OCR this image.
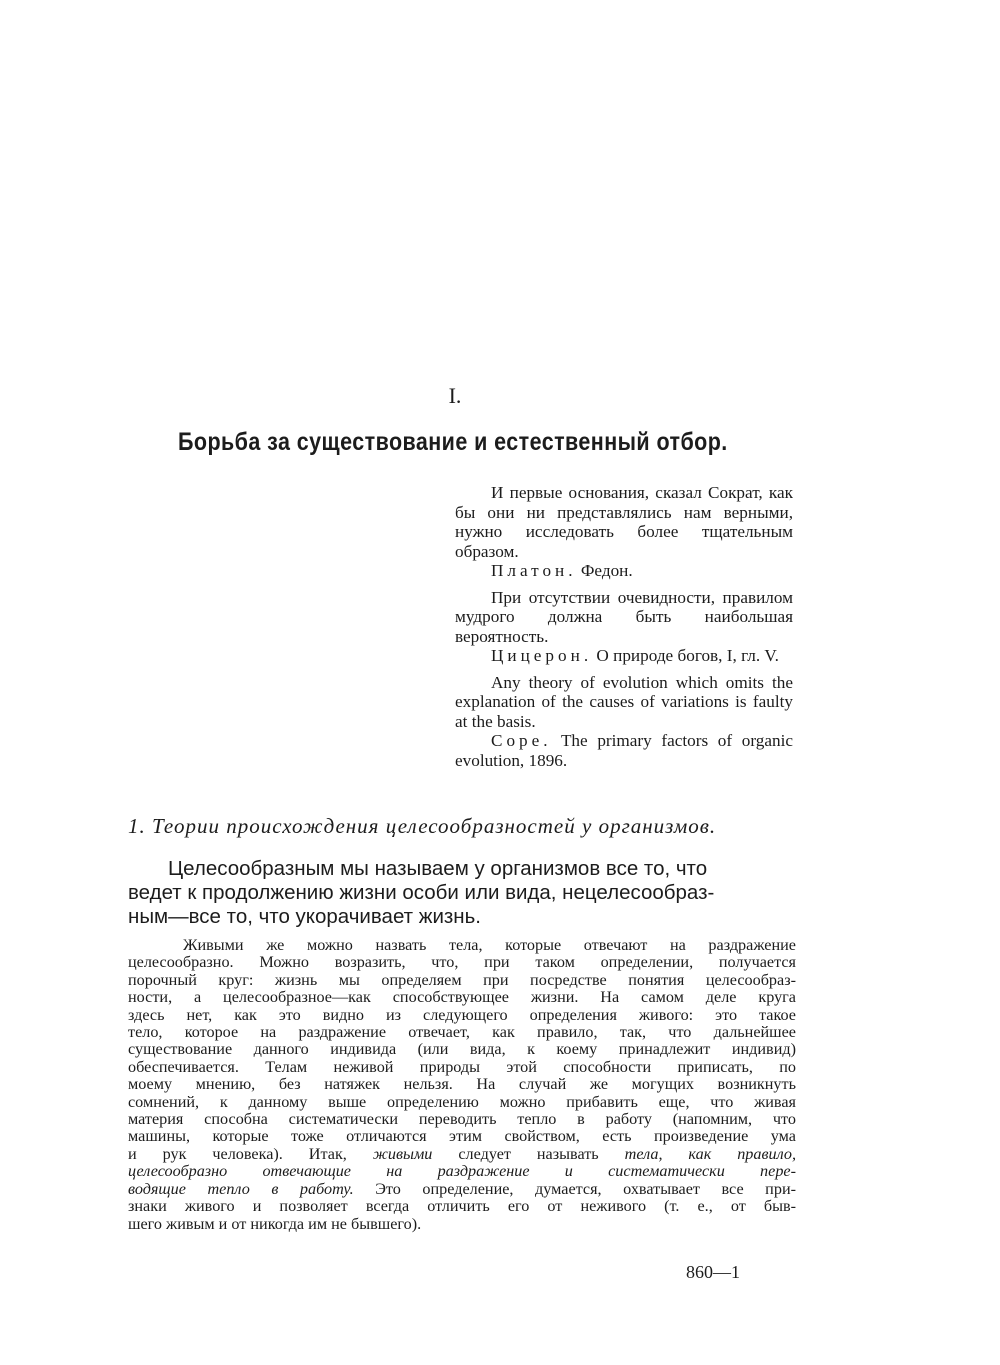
I.
Борьба за существование и естественный отбор.
И первые основания, сказал Сократ, как бы они ни представлялись нам верными, нужно исследовать более тщательным образом.
Платон. Федон.
При отсутствии очевидности, правилом мудрого должна быть наибольшая вероятность.
Цицерон. О природе богов, I, гл. V.
Any theory of evolution which omits the explanation of the causes of variations is faulty at the basis.
Cope. The primary factors of organic evolution, 1896.
1. Теории происхождения целесообразностей у организмов.
Целесообразным мы называем у организмов все то, что
ведет к продолжению жизни особи или вида, нецелесообраз-
ным—все то, что укорачивает жизнь.
Живыми же можно назвать тела, которые отвечают на раздражение
целесообразно. Можно возразить, что, при таком определении, получается
порочный круг: жизнь мы определяем при посредстве понятия целесообраз-
ности, а целесообразное—как способствующее жизни. На самом деле круга
здесь нет, как это видно из следующего определения живого: это такое
тело, которое на раздражение отвечает, как правило, так, что дальнейшее
существование данного индивида (или вида, к коему принадлежит индивид)
обеспечивается. Телам неживой природы этой способности приписать, по
моему мнению, без натяжек нельзя. На случай же могущих возникнуть
сомнений, к данному выше определению можно прибавить еще, что живая
материя способна систематически переводить тепло в работу (напомним, что
машины, которые тоже отличаются этим свойством, есть произведение ума
и рук человека). Итак, живыми следует называть тела, как правило,
целесообразно отвечающие на раздражение и систематически пере-
водящие тепло в работу. Это определение, думается, охватывает все при-
знаки живого и позволяет всегда отличить его от неживого (т. е., от быв-
шего живым и от никогда им не бывшего).
860—1
